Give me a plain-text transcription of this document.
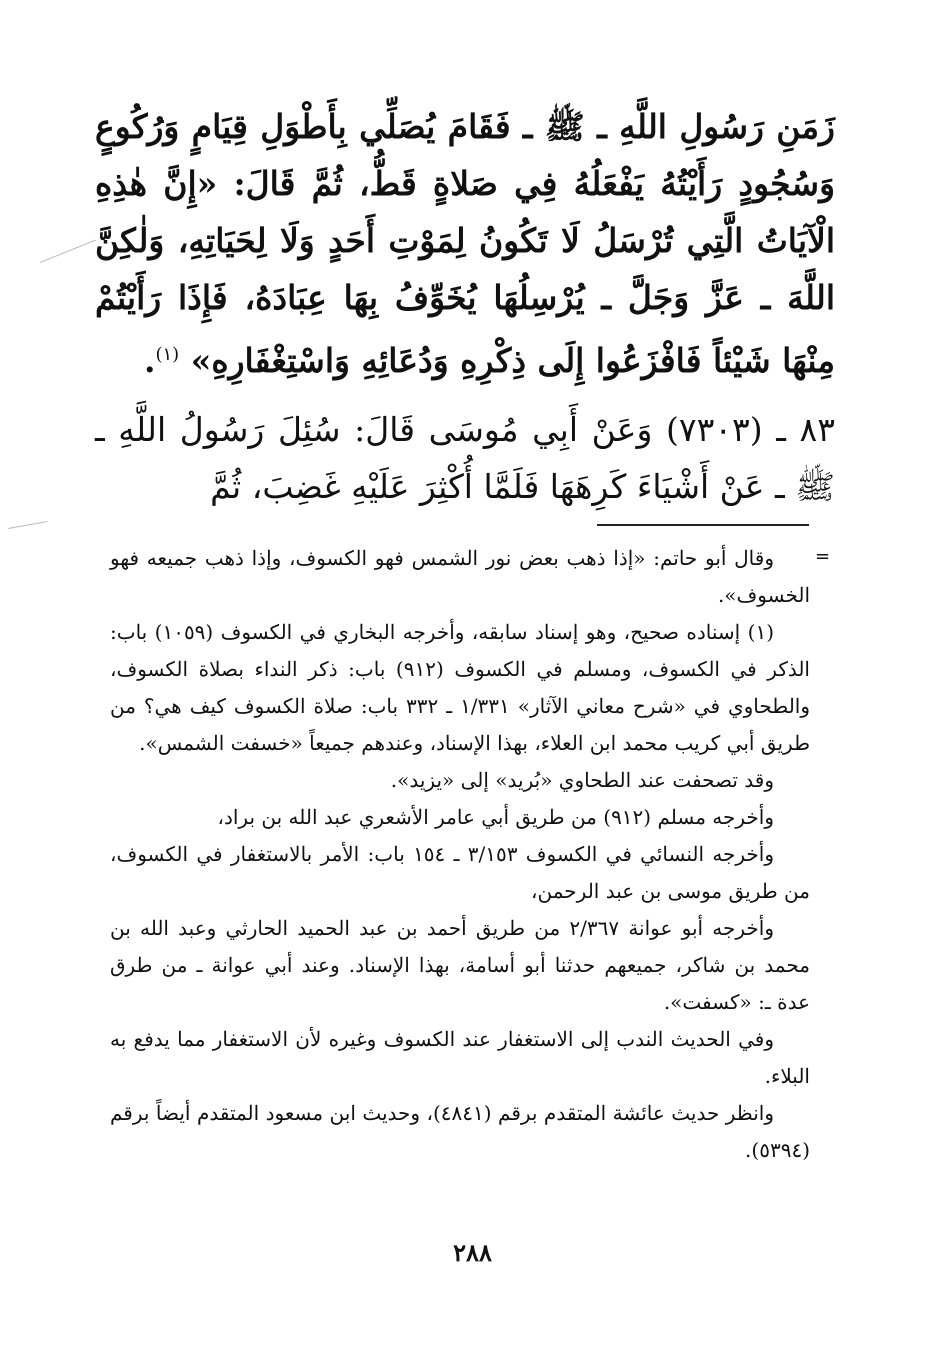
زَمَنِ رَسُولِ اللَّهِ ـ ﷺ ـ فَقَامَ يُصَلِّي بِأَطْوَلِ قِيَامٍ وَرُكُوعٍ وَسُجُودٍ رَأَيْتُهُ يَفْعَلُهُ فِي صَلاةٍ قَطُّ، ثُمَّ قَالَ: «إِنَّ هٰذِهِ الْآيَاتُ الَّتِي تُرْسَلُ لَا تَكُونُ لِمَوْتِ أَحَدٍ وَلَا لِحَيَاتِهِ، وَلٰكِنَّ اللَّهَ ـ عَزَّ وَجَلَّ ـ يُرْسِلُهَا يُخَوِّفُ بِهَا عِبَادَهُ، فَإِذَا رَأَيْتُمْ مِنْهَا شَيْئاً فَافْزَعُوا إِلَى ذِكْرِهِ وَدُعَائِهِ وَاسْتِغْفَارِهِ» $^{(١)}$.

٨٣ ـ (٧٣٠٣) وَعَنْ أَبِي مُوسَى قَالَ: سُئِلَ رَسُولُ اللَّهِ ـ ﷺ ـ عَنْ أَشْيَاءَ كَرِهَهَا فَلَمَّا أُكْثِرَ عَلَيْهِ غَضِبَ، ثُمَّ

=

وقال أبو حاتم: «إذا ذهب بعض نور الشمس فهو الكسوف، وإذا ذهب جميعه فهو الخسوف».

(١) إسناده صحيح، وهو إسناد سابقه، وأخرجه البخاري في الكسوف (١٠٥٩) باب: الذكر في الكسوف، ومسلم في الكسوف (٩١٢) باب: ذكر النداء بصلاة الكسوف، والطحاوي في «شرح معاني الآثار» ١/٣٣١ ـ ٣٣٢ باب: صلاة الكسوف كيف هي؟ من طريق أبي كريب محمد ابن العلاء، بهذا الإسناد، وعندهم جميعاً «خسفت الشمس».

وقد تصحفت عند الطحاوي «بُريد» إلى «يزيد».

وأخرجه مسلم (٩١٢) من طريق أبي عامر الأشعري عبد الله بن براد،

وأخرجه النسائي في الكسوف ٣/١٥٣ ـ ١٥٤ باب: الأمر بالاستغفار في الكسوف، من طريق موسى بن عبد الرحمن،

وأخرجه أبو عوانة ٢/٣٦٧ من طريق أحمد بن عبد الحميد الحارثي وعبد الله بن محمد بن شاكر، جميعهم حدثنا أبو أسامة، بهذا الإسناد. وعند أبي عوانة ـ من طرق عدة ـ: «كسفت».

وفي الحديث الندب إلى الاستغفار عند الكسوف وغيره لأن الاستغفار مما يدفع به البلاء.

وانظر حديث عائشة المتقدم برقم (٤٨٤١)، وحديث ابن مسعود المتقدم أيضاً برقم (٥٣٩٤).

٢٨٨
